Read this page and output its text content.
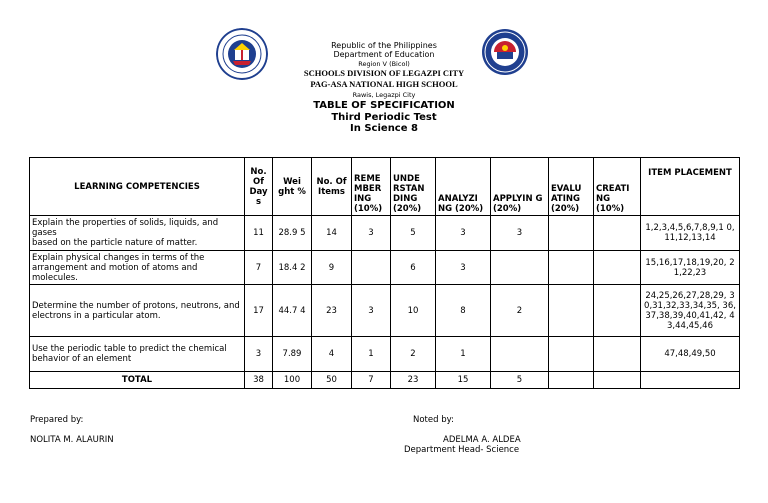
Republic of the Philippines
Department of Education
Region V (Bicol)
SCHOOLS DIVISION OF LEGAZPI CITY
PAG-ASA NATIONAL HIGH SCHOOL
Rawis, Legazpi City
TABLE OF SPECIFICATION
Third Periodic Test
In Science 8
LEARNING COMPETENCIES	No. Of Day s	Wei ght %	No. Of Items	REME MBER ING (10%)	UNDE RSTAN DING (20%)	ANALYZI NG (20%)	APPLYIN G (20%)	EVALU ATING (20%)	CREATI NG (10%)	ITEM PLACEMENT

Explain the properties of solids, liquids, and gases
based on the particle nature of matter.	11	28.9 5	14	3	5	3	3			1,2,3,4,5,6,7,8,9,1 0, 11,12,13,14

Explain physical changes in terms of the arrangement and motion of atoms and molecules.	7	18.4 2	9		6	3				15,16,17,18,19,20, 21,22,23

Determine the number of protons, neutrons, and
electrons in a particular atom.	17	44.7 4	23	3	10	8	2			24,25,26,27,28,29, 30,31,32,33,34,35, 36, 37,38,39,40,41,42, 43,44,45,46

Use the periodic table to predict the chemical
behavior of an element	3	7.89	4	1	2	1				47,48,49,50
TOTAL	38	100	50	7	23	15	5			
Prepared by:
NOLITA M. ALAURIN
Noted by:
ADELMA A. ALDEA
Department Head- Science
